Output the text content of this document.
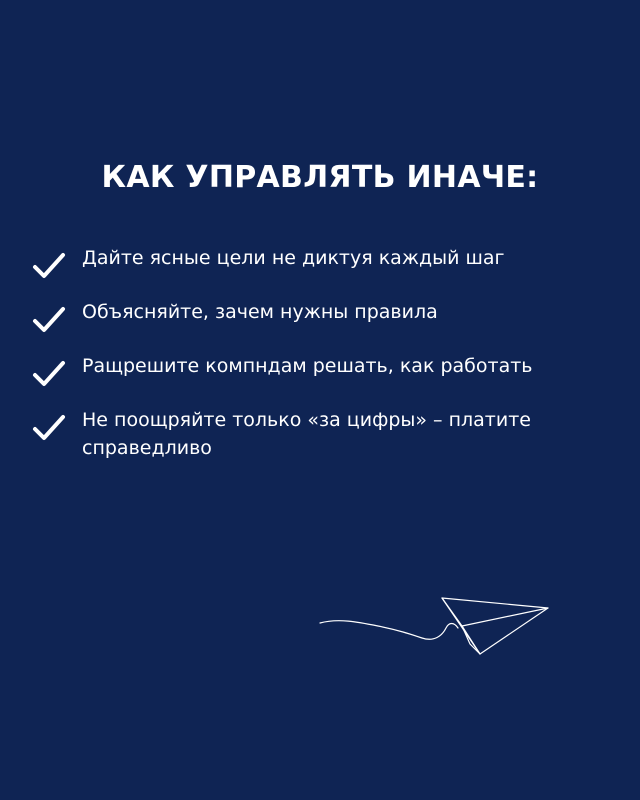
КАК УПРАВЛЯТЬ ИНАЧЕ:
Дайте ясные цели не диктуя каждый шаг
Объясняйте, зачем нужны правила
Ращрешите компндам решать, как работать
Не поощряйте только «за цифры» – платите справедливо
